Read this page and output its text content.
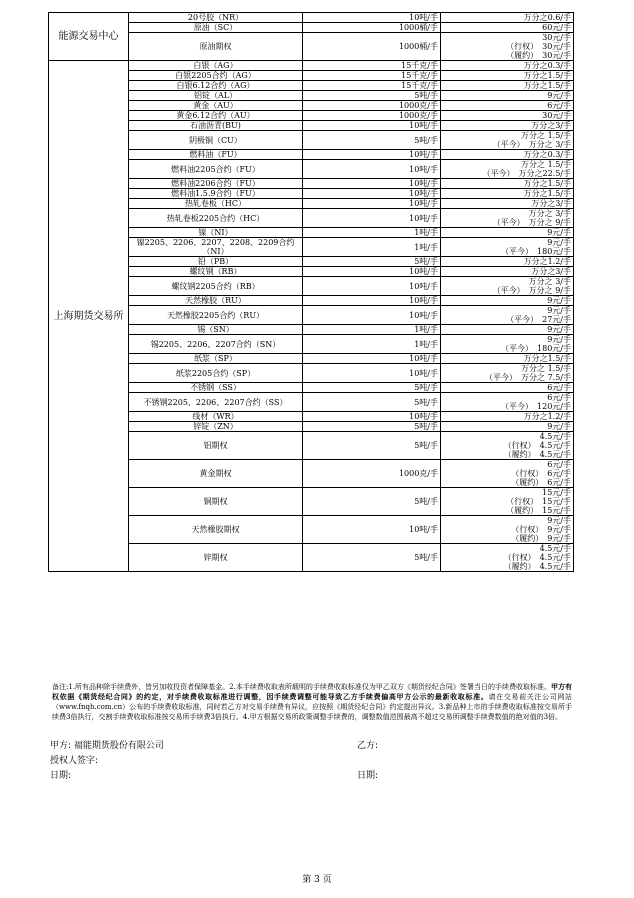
能源交易中心	20号胶（NR）	10吨/手	万分之0.6/手

	原油（SC）	1000桶/手	60元/手

	原油期权	1000桶/手	30元/手
（行权） 30元/手
（履约） 30元/手

上海期货交易所	白银（AG）	15千克/手	万分之0.3/手

	白银2205合约（AG）	15千克/手	万分之1.5/手

	白银6.12合约（AG）	15千克/手	万分之1.5/手

	铝锭（AL）	5吨/手	9元/手

	黄金（AU）	1000克/手	6元/手

	黄金6.12合约（AU）	1000克/手	30元/手

	石油沥青(BU)	10吨/手	万分之3/手

	阴极铜（CU）	5吨/手	万分之 1.5/手
（平今） 万分之 3/手

	燃料油（FU）	10吨/手	万分之0.3/手

	燃料油2205合约（FU）	10吨/手	万分之 1.5/手
（平今） 万分之22.5/手

	燃料油2206合约（FU）	10吨/手	万分之1.5/手

	燃料油1.5.9合约（FU）	10吨/手	万分之1.5/手

	热轧卷板（HC）	10吨/手	万分之3/手

	热轧卷板2205合约（HC）	10吨/手	万分之 3/手
（平今） 万分之 9/手

	镍（NI）	1吨/手	9元/手

	镍2205、2206、2207、2208、2209合约（NI）	1吨/手	9元/手
（平今） 180元/手

	铅（PB）	5吨/手	万分之1.2/手

	螺纹钢（RB）	10吨/手	万分之3/手

	螺纹钢2205合约（RB）	10吨/手	万分之 3/手
（平今） 万分之 9/手

	天然橡胶（RU）	10吨/手	9元/手

	天然橡胶2205合约（RU）	10吨/手	9元/手
（平今） 27元/手

	锡（SN）	1吨/手	9元/手

	锡2205、2206、2207合约（SN）	1吨/手	9元/手
（平今） 180元/手

	纸浆（SP）	10吨/手	万分之1.5/手

	纸浆2205合约（SP）	10吨/手	万分之 1.5/手
（平今） 万分之 7.5/手

	不锈钢（SS）	5吨/手	6元/手

	不锈钢2205、2206、2207合约（SS）	5吨/手	6元/手
（平今） 120元/手

	线材（WR）	10吨/手	万分之1.2/手

	锌锭（ZN）	5吨/手	9元/手

	铝期权	5吨/手	4.5元/手
（行权） 4.5元/手
（履约） 4.5元/手

	黄金期权	1000克/手	6元/手
（行权） 6元/手
（履约） 6元/手

	铜期权	5吨/手	15元/手
（行权） 15元/手
（履约） 15元/手

	天然橡胶期权	10吨/手	9元/手
（行权） 9元/手
（履约） 9元/手

	锌期权	5吨/手	4.5元/手
（行权） 4.5元/手
（履约） 4.5元/手
备注:1.所有品种除手续费外，皆另加收投资者保障基金。2.本手续费收取表所载明的手续费收取标准仅为甲乙双方《期货经纪合同》签署当日的手续费收取标准。甲方有权依据《期货经纪合同》的约定，对手续费收取标准进行调整，因手续费调整可能导致乙方手续费偏高甲方公示的最新收取标准。请在交易前关注公司网站（www.fnqh.com.cn）公布的手续费收取标准，同时若乙方对交易手续费有异议，应按照《期货经纪合同》约定提出异议。3.新品种上市的手续费收取标准按交易所手续费3倍执行，交割手续费收取标准按交易所手续费3倍执行。4.甲方根据交易所政策调整手续费的，调整数值范围最高不超过交易所调整手续费数值的绝对值的3倍。
甲方: 福能期货股份有限公司	乙方:
授权人签字:
日期:	日期:
第 3 页
